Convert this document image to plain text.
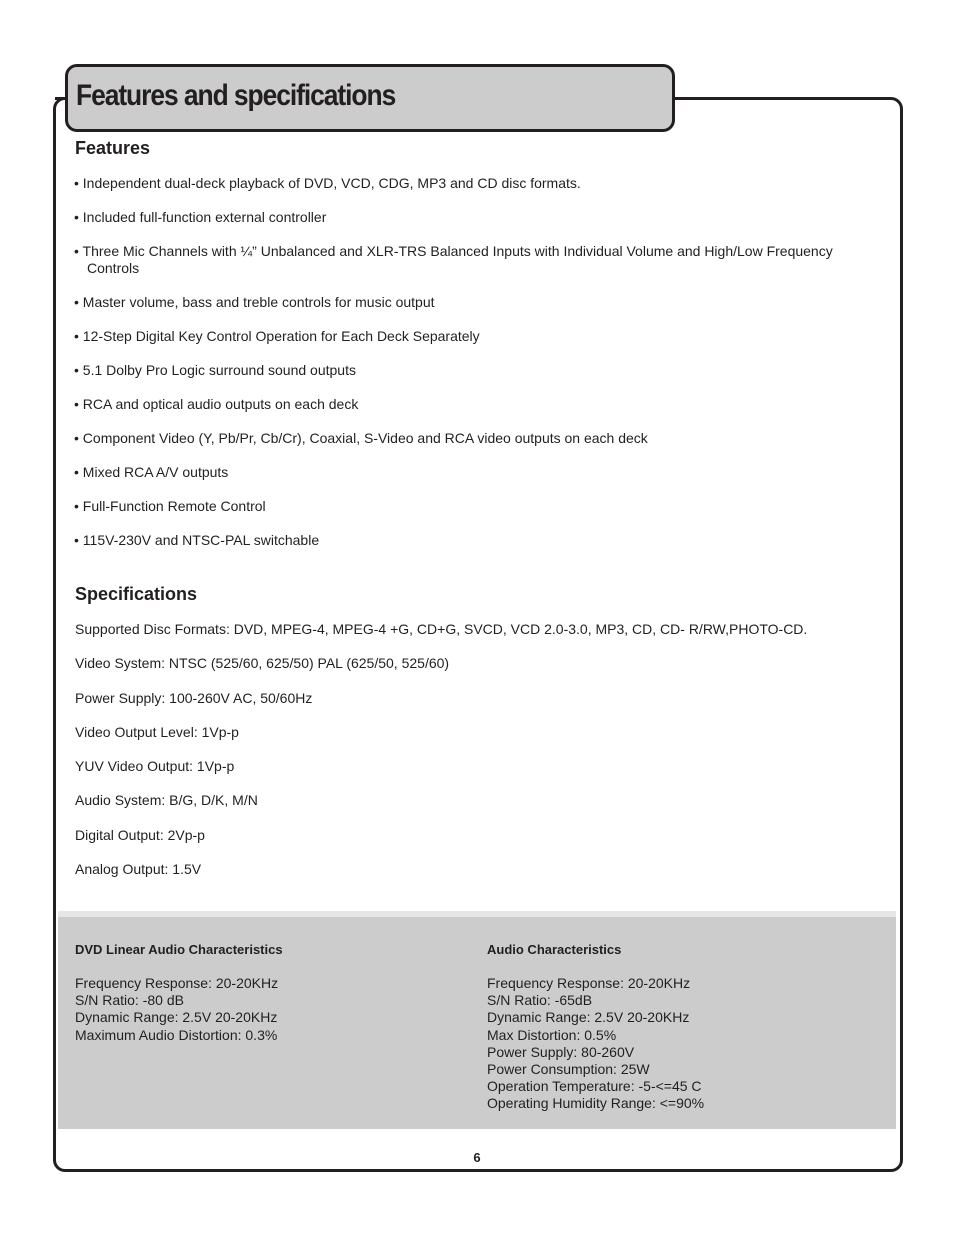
Features and specifications
Features
• Independent dual-deck playback of DVD, VCD, CDG, MP3 and CD disc formats.
• Included full-function external controller
• Three Mic Channels with ¼” Unbalanced and XLR-TRS Balanced Inputs with Individual Volume and High/Low Frequency Controls
• Master volume, bass and treble controls for music output
• 12-Step Digital Key Control Operation for Each Deck Separately
• 5.1 Dolby Pro Logic surround sound outputs
• RCA and optical audio outputs on each deck
• Component Video (Y, Pb/Pr, Cb/Cr), Coaxial, S-Video and RCA video outputs on each deck
• Mixed RCA A/V outputs
• Full-Function Remote Control
• 115V-230V and NTSC-PAL switchable
Specifications
Supported Disc Formats: DVD, MPEG-4, MPEG-4 +G, CD+G, SVCD, VCD 2.0-3.0, MP3, CD, CD- R/RW,PHOTO-CD.
Video System: NTSC (525/60, 625/50) PAL (625/50, 525/60)
Power Supply: 100-260V AC, 50/60Hz
Video Output Level: 1Vp-p
YUV Video Output: 1Vp-p
Audio System: B/G, D/K, M/N
Digital Output: 2Vp-p
Analog Output: 1.5V
DVD Linear Audio Characteristics
Frequency Response: 20-20KHz
S/N Ratio: -80 dB
Dynamic Range: 2.5V 20-20KHz
Maximum Audio Distortion: 0.3%
Audio Characteristics
Frequency Response: 20-20KHz
S/N Ratio: -65dB
Dynamic Range: 2.5V 20-20KHz
Max Distortion: 0.5%
Power Supply: 80-260V
Power Consumption: 25W
Operation Temperature: -5-<=45 C
Operating Humidity Range: <=90%
6
